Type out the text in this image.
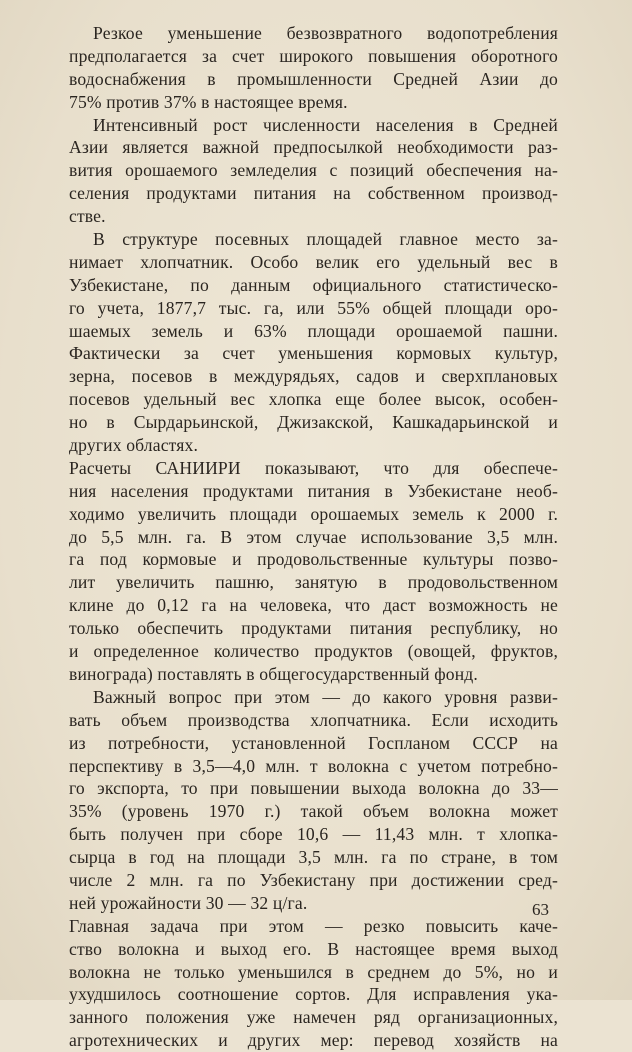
Резкое уменьшение безвозвратного водопотребления
предполагается за счет широкого повышения оборотного
водоснабжения в промышленности Средней Азии до
75% против 37% в настоящее время.
Интенсивный рост численности населения в Средней
Азии является важной предпосылкой необходимости раз-
вития орошаемого земледелия с позиций обеспечения на-
селения продуктами питания на собственном производ-
стве.
В структуре посевных площадей главное место за-
нимает хлопчатник. Особо велик его удельный вес в
Узбекистане, по данным официального статистическо-
го учета, 1877,7 тыс. га, или 55% общей площади оро-
шаемых земель и 63% площади орошаемой пашни.
Фактически за счет уменьшения кормовых культур,
зерна, посевов в междурядьях, садов и сверхплановых
посевов удельный вес хлопка еще более высок, особен-
но в Сырдарьинской, Джизакской, Кашкадарьинской и
других областях.
Расчеты САНИИРИ показывают, что для обеспече-
ния населения продуктами питания в Узбекистане необ-
ходимо увеличить площади орошаемых земель к 2000 г.
до 5,5 млн. га. В этом случае использование 3,5 млн.
га под кормовые и продовольственные культуры позво-
лит увеличить пашню, занятую в продовольственном
клине до 0,12 га на человека, что даст возможность не
только обеспечить продуктами питания республику, но
и определенное количество продуктов (овощей, фруктов,
винограда) поставлять в общегосударственный фонд.
Важный вопрос при этом — до какого уровня разви-
вать объем производства хлопчатника. Если исходить
из потребности, установленной Госпланом СССР на
перспективу в 3,5—4,0 млн. т волокна с учетом потребно-
го экспорта, то при повышении выхода волокна до 33—
35% (уровень 1970 г.) такой объем волокна может
быть получен при сборе 10,6 — 11,43 млн. т хлопка-
сырца в год на площади 3,5 млн. га по стране, в том
числе 2 млн. га по Узбекистану при достижении сред-
ней урожайности 30 — 32 ц/га.
Главная задача при этом — резко повысить каче-
ство волокна и выход его. В настоящее время выход
волокна не только уменьшился в среднем до 5%, но и
ухудшилось соотношение сортов. Для исправления ука-
занного положения уже намечен ряд организационных,
агротехнических и других мер: перевод хозяйств на
63
